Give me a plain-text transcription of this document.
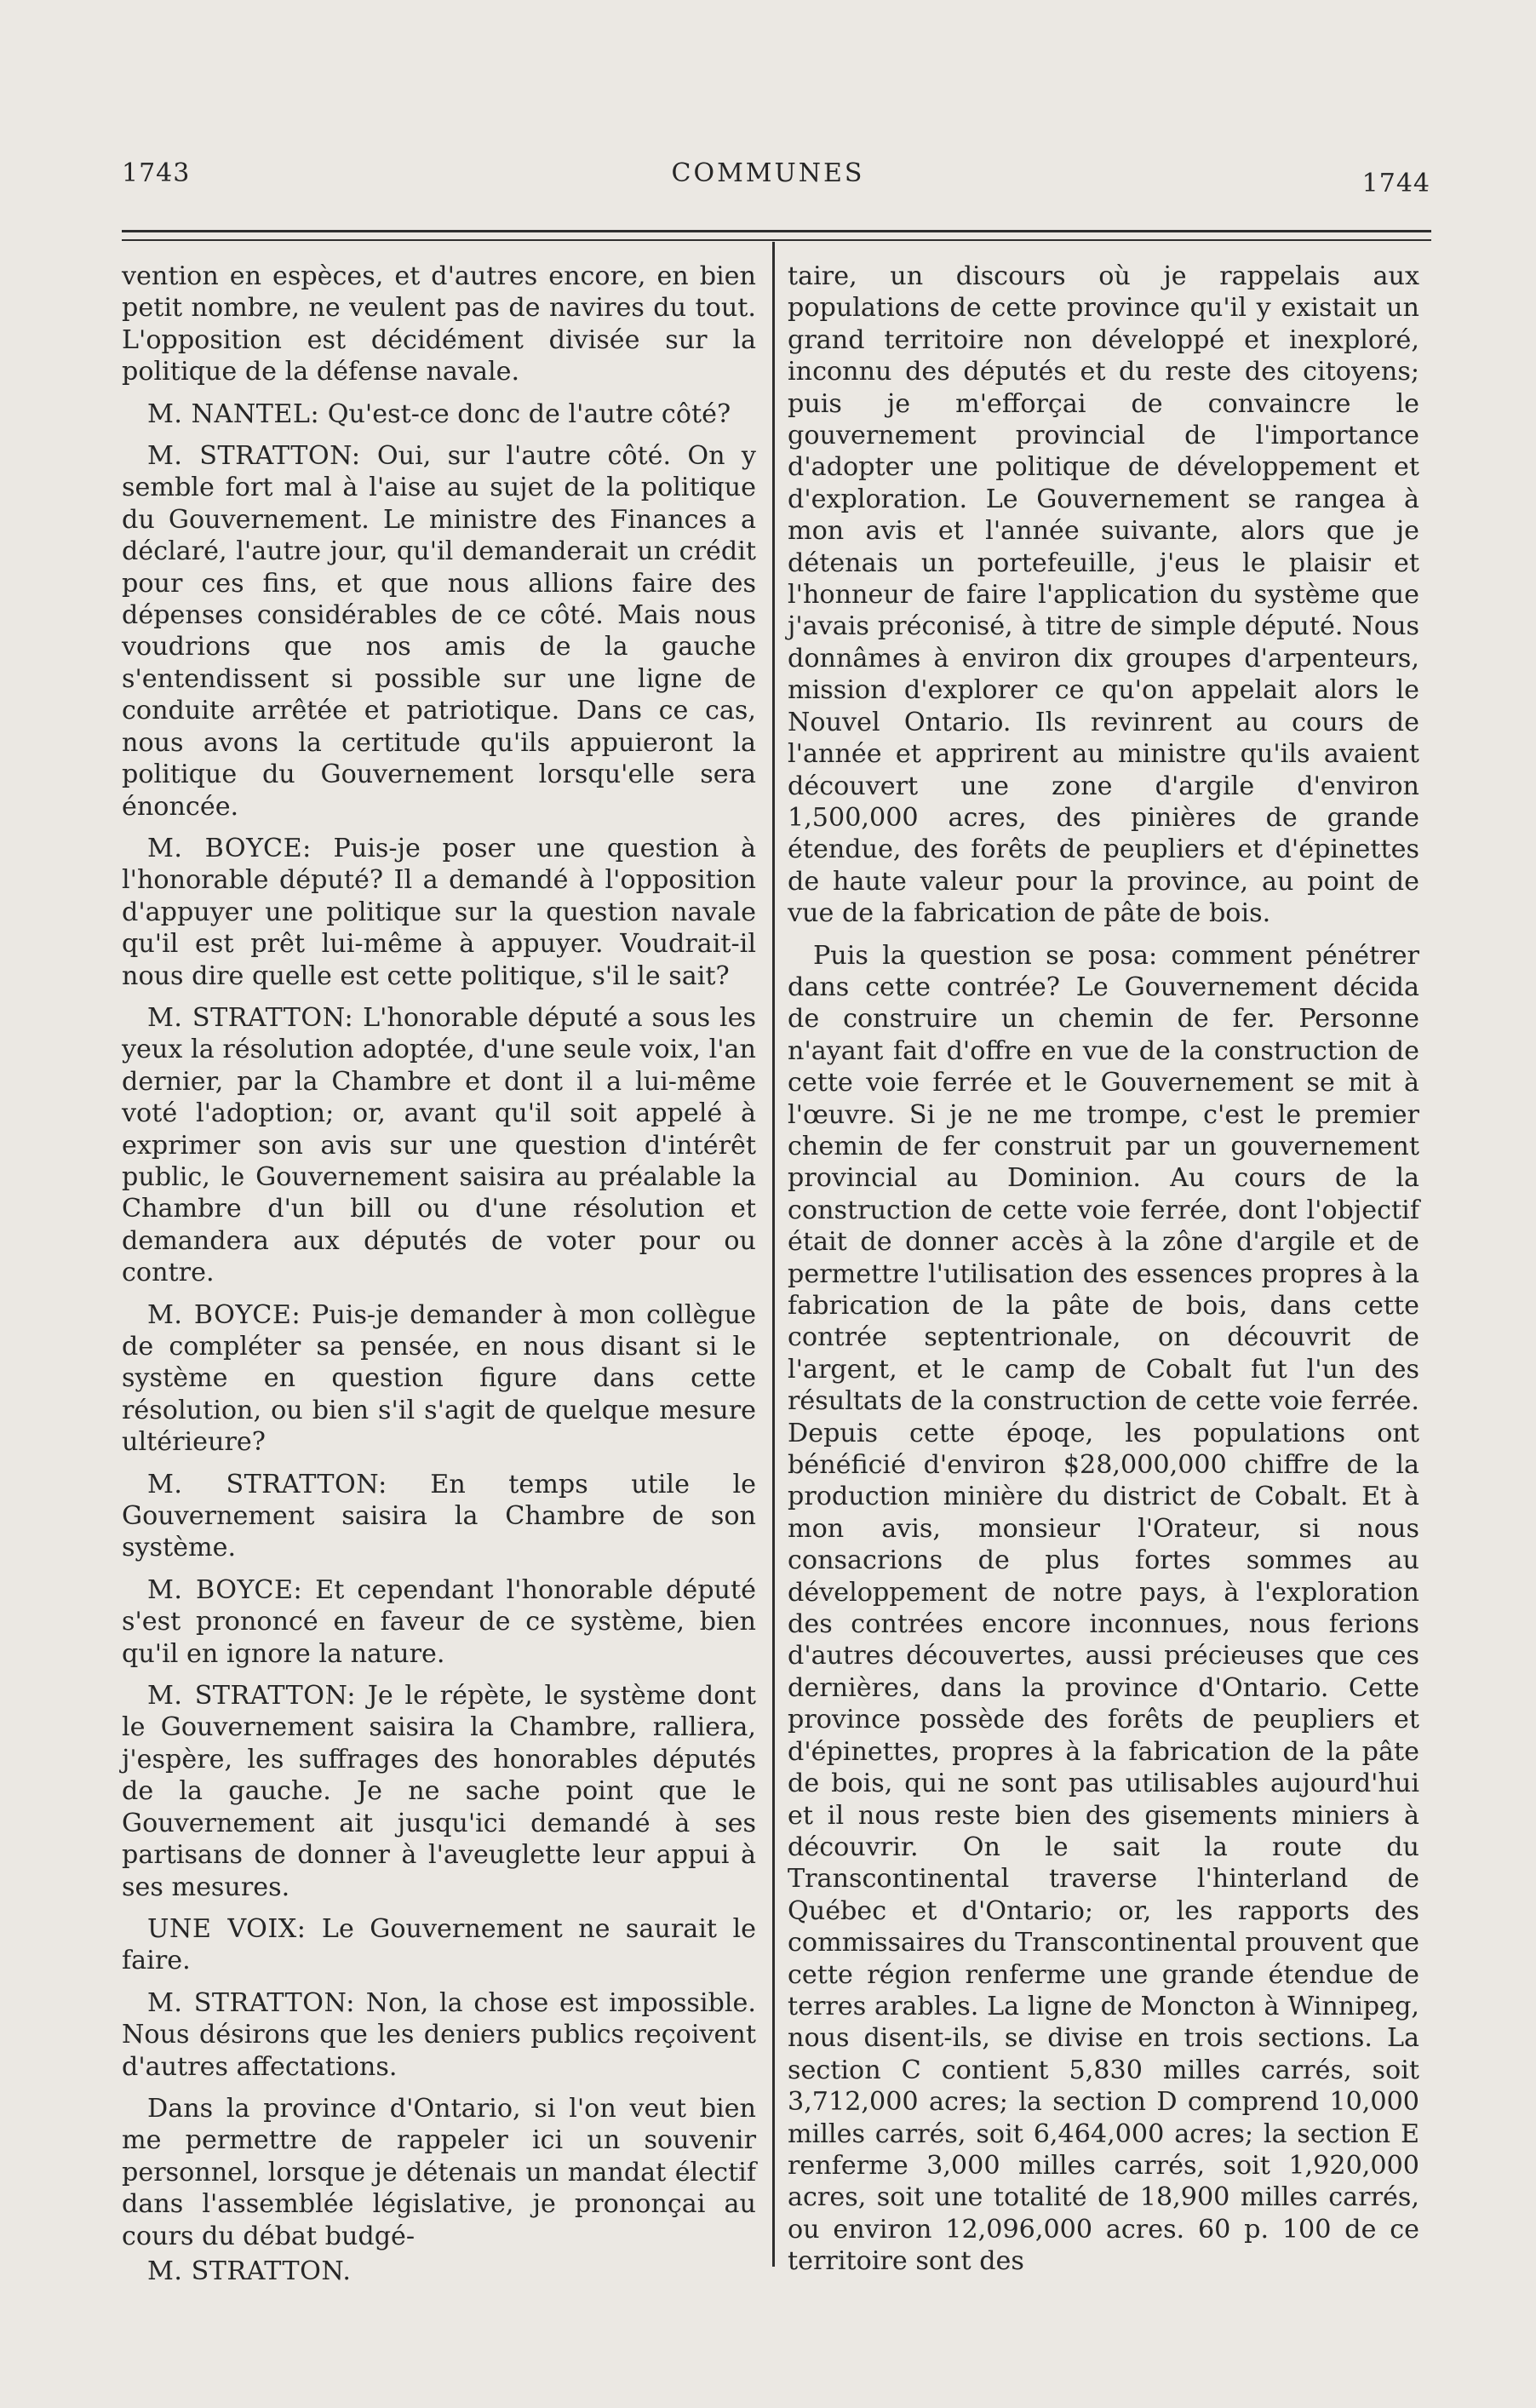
1743	COMMUNES	1744

vention en espèces, et d'autres encore, en bien petit nombre, ne veulent pas de navires du tout. L'opposition est décidément divisée sur la politique de la défense navale.

M. NANTEL: Qu'est-ce donc de l'autre côté?

M. STRATTON: Oui, sur l'autre côté. On y semble fort mal à l'aise au sujet de la politique du Gouvernement. Le ministre des Finances a déclaré, l'autre jour, qu'il demanderait un crédit pour ces fins, et que nous allions faire des dépenses considérables de ce côté. Mais nous voudrions que nos amis de la gauche s'entendissent si possible sur une ligne de conduite arrêtée et patriotique. Dans ce cas, nous avons la certitude qu'ils appuieront la politique du Gouvernement lorsqu'elle sera énoncée.

M. BOYCE: Puis-je poser une question à l'honorable député? Il a demandé à l'opposition d'appuyer une politique sur la question navale qu'il est prêt lui-même à appuyer. Voudrait-il nous dire quelle est cette politique, s'il le sait?

M. STRATTON: L'honorable député a sous les yeux la résolution adoptée, d'une seule voix, l'an dernier, par la Chambre et dont il a lui-même voté l'adoption; or, avant qu'il soit appelé à exprimer son avis sur une question d'intérêt public, le Gouvernement saisira au préalable la Chambre d'un bill ou d'une résolution et demandera aux députés de voter pour ou contre.

M. BOYCE: Puis-je demander à mon collègue de compléter sa pensée, en nous disant si le système en question figure dans cette résolution, ou bien s'il s'agit de quelque mesure ultérieure?

M. STRATTON: En temps utile le Gouvernement saisira la Chambre de son système.

M. BOYCE: Et cependant l'honorable député s'est prononcé en faveur de ce système, bien qu'il en ignore la nature.

M. STRATTON: Je le répète, le système dont le Gouvernement saisira la Chambre, ralliera, j'espère, les suffrages des honorables députés de la gauche. Je ne sache point que le Gouvernement ait jusqu'ici demandé à ses partisans de donner à l'aveuglette leur appui à ses mesures.

UNE VOIX: Le Gouvernement ne saurait le faire.

M. STRATTON: Non, la chose est impossible. Nous désirons que les deniers publics reçoivent d'autres affectations.

Dans la province d'Ontario, si l'on veut bien me permettre de rappeler ici un souvenir personnel, lorsque je détenais un mandat électif dans l'assemblée législative, je prononçai au cours du débat budgé-

M. STRATTON.

taire, un discours où je rappelais aux populations de cette province qu'il y existait un grand territoire non développé et inexploré, inconnu des députés et du reste des citoyens; puis je m'efforçai de convaincre le gouvernement provincial de l'importance d'adopter une politique de développement et d'exploration. Le Gouvernement se rangea à mon avis et l'année suivante, alors que je détenais un portefeuille, j'eus le plaisir et l'honneur de faire l'application du système que j'avais préconisé, à titre de simple député. Nous donnâmes à environ dix groupes d'arpenteurs, mission d'explorer ce qu'on appelait alors le Nouvel Ontario. Ils revinrent au cours de l'année et apprirent au ministre qu'ils avaient découvert une zone d'argile d'environ 1,500,000 acres, des pinières de grande étendue, des forêts de peupliers et d'épinettes de haute valeur pour la province, au point de vue de la fabrication de pâte de bois.

Puis la question se posa: comment pénétrer dans cette contrée? Le Gouvernement décida de construire un chemin de fer. Personne n'ayant fait d'offre en vue de la construction de cette voie ferrée et le Gouvernement se mit à l'œuvre. Si je ne me trompe, c'est le premier chemin de fer construit par un gouvernement provincial au Dominion. Au cours de la construction de cette voie ferrée, dont l'objectif était de donner accès à la zône d'argile et de permettre l'utilisation des essences propres à la fabrication de la pâte de bois, dans cette contrée septentrionale, on découvrit de l'argent, et le camp de Cobalt fut l'un des résultats de la construction de cette voie ferrée. Depuis cette époqe, les populations ont bénéficié d'environ $28,000,000 chiffre de la production minière du district de Cobalt. Et à mon avis, monsieur l'Orateur, si nous consacrions de plus fortes sommes au développement de notre pays, à l'exploration des contrées encore inconnues, nous ferions d'autres découvertes, aussi précieuses que ces dernières, dans la province d'Ontario. Cette province possède des forêts de peupliers et d'épinettes, propres à la fabrication de la pâte de bois, qui ne sont pas utilisables aujourd'hui et il nous reste bien des gisements miniers à découvrir. On le sait la route du Transcontinental traverse l'hinterland de Québec et d'Ontario; or, les rapports des commissaires du Transcontinental prouvent que cette région renferme une grande étendue de terres arables. La ligne de Moncton à Winnipeg, nous disent-ils, se divise en trois sections. La section C contient 5,830 milles carrés, soit 3,712,000 acres; la section D comprend 10,000 milles carrés, soit 6,464,000 acres; la section E renferme 3,000 milles carrés, soit 1,920,000 acres, soit une totalité de 18,900 milles carrés, ou environ 12,096,000 acres. 60 p. 100 de ce territoire sont des
